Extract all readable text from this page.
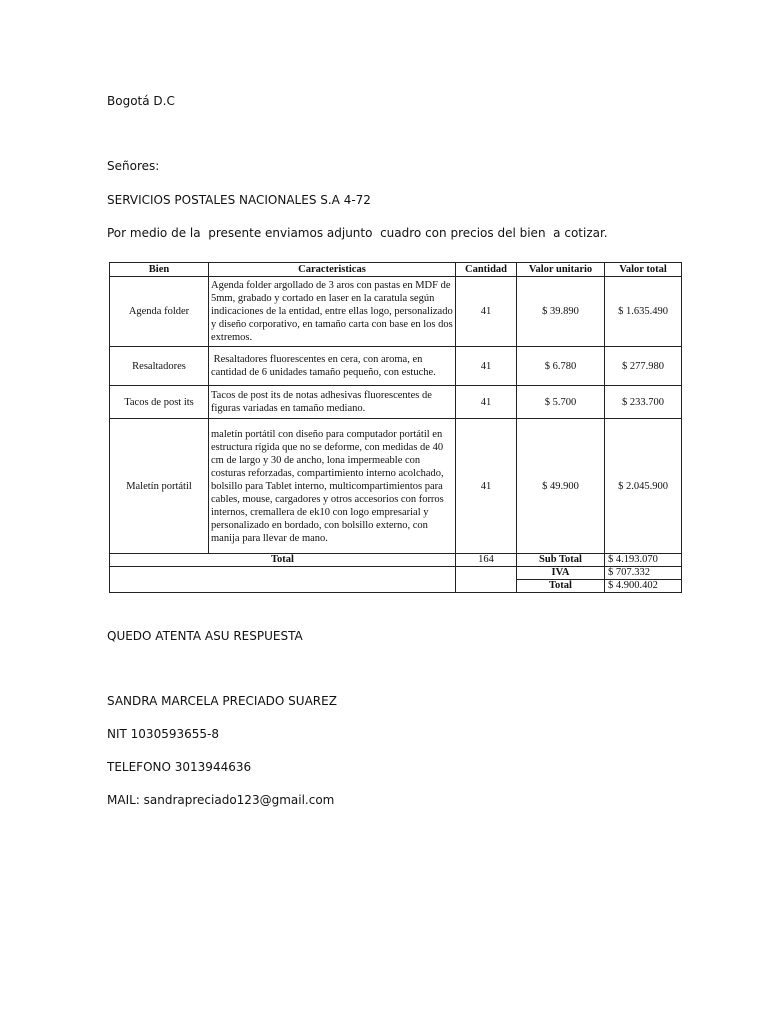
Bogotá D.C
Señores:
SERVICIOS POSTALES NACIONALES S.A 4-72
Por medio de la  presente enviamos adjunto  cuadro con precios del bien  a cotizar.
Bien	Caracteristicas	Cantidad	Valor unitario	Valor total
Agenda folder	Agenda folder argollado de 3 aros con pastas en MDF de 5mm, grabado y cortado en laser en la caratula según indicaciones de la entidad, entre ellas logo, personalizado y diseño corporativo, en tamaño carta con base en los dos extremos.	41	$ 39.890	$ 1.635.490
Resaltadores	Resaltadores fluorescentes en cera, con aroma, en cantidad de 6 unidades tamaño pequeño, con estuche.	41	$ 6.780	$ 277.980
Tacos de post its	Tacos de post its de notas adhesivas fluorescentes de figuras variadas en tamaño mediano.	41	$ 5.700	$ 233.700
Maletín portátil	maletín portátil con diseño para computador portátil en estructura rígida que no se deforme, con medidas de 40 cm de largo y 30 de ancho, lona impermeable con costuras reforzadas, compartimiento interno acolchado, bolsillo para Tablet interno, multicompartimientos para cables, mouse, cargadores y otros accesorios con forros internos, cremallera de ek10 con logo empresarial y personalizado en bordado, con bolsillo externo, con manija para llevar de mano.	41	$ 49.900	$ 2.045.900
Total		164	Sub Total	$ 4.193.070
			IVA	$ 707.332
			Total	$ 4.900.402
QUEDO ATENTA ASU RESPUESTA
SANDRA MARCELA PRECIADO SUAREZ
NIT 1030593655-8
TELEFONO 3013944636
MAIL: sandrapreciado123@gmail.com
